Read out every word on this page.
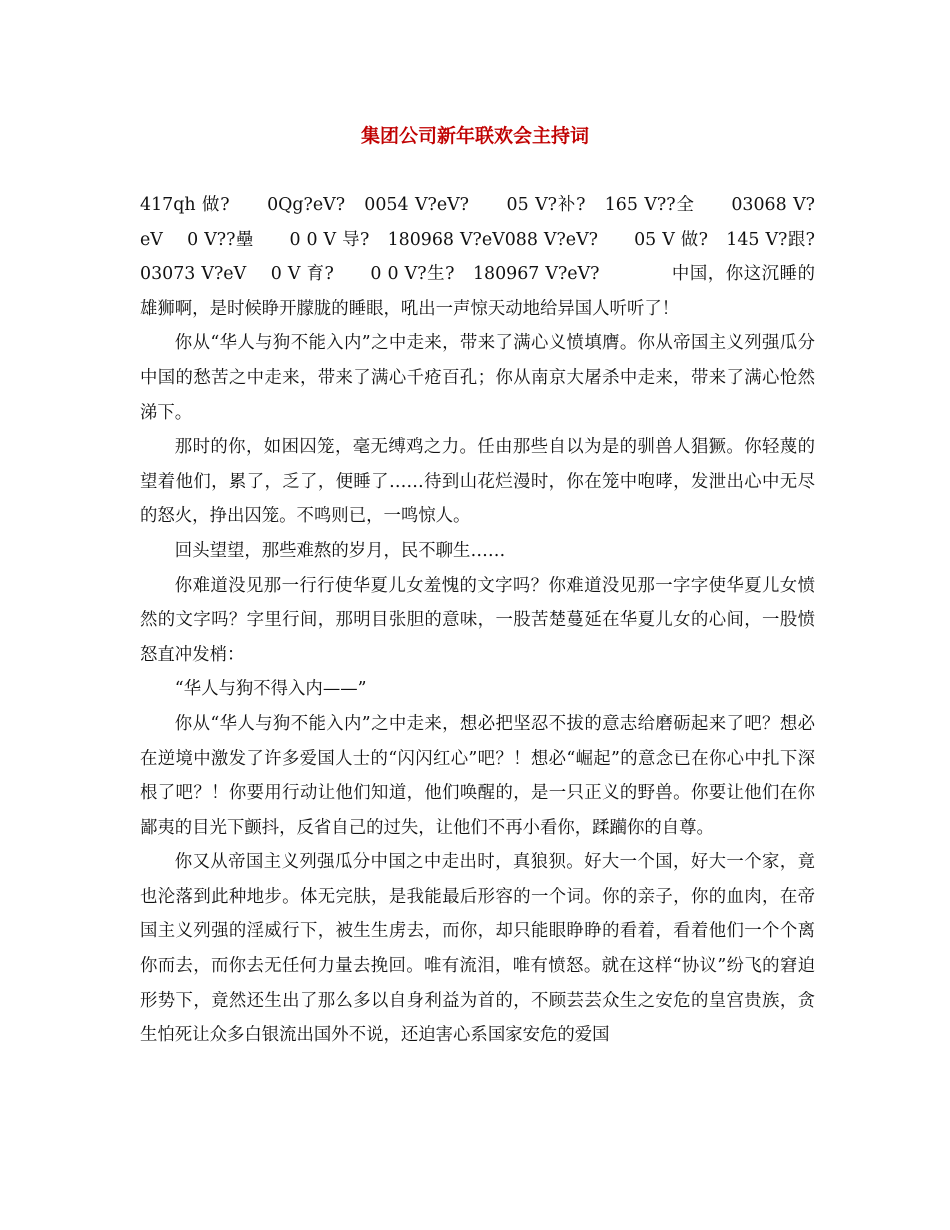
集团公司新年联欢会主持词

417qh 做?　　0Qg?eV?　0054 V?eV?　　05 V?补?　165 V??全　　03068 V?eV　 0 V??壘　　0 0 V 导?　180968 V?eV088 V?eV?　　05 V 做?　145 V?跟?　　03073 V?eV　 0 V 育?　　0 0 V?生?　180967 V?eV?　　　　中国，你这沉睡的雄狮啊，是时候睁开朦胧的睡眼，吼出一声惊天动地给异国人听听了！

你从“华人与狗不能入内”之中走来，带来了满心义愤填膺。你从帝国主义列强瓜分中国的愁苦之中走来，带来了满心千疮百孔；你从南京大屠杀中走来，带来了满心怆然涕下。

那时的你，如困囚笼，毫无缚鸡之力。任由那些自以为是的驯兽人猖獗。你轻蔑的望着他们，累了，乏了，便睡了……待到山花烂漫时，你在笼中咆哮，发泄出心中无尽的怒火，挣出囚笼。不鸣则已，一鸣惊人。

回头望望，那些难熬的岁月，民不聊生……

你难道没见那一行行使华夏儿女羞愧的文字吗？你难道没见那一字字使华夏儿女愤然的文字吗？字里行间，那明目张胆的意味，一股苦楚蔓延在华夏儿女的心间，一股愤怒直冲发梢：

“华人与狗不得入内——”

你从“华人与狗不能入内”之中走来，想必把坚忍不拔的意志给磨砺起来了吧？想必在逆境中激发了许多爱国人士的“闪闪红心”吧？！想必“崛起”的意念已在你心中扎下深根了吧？！你要用行动让他们知道，他们唤醒的，是一只正义的野兽。你要让他们在你鄙夷的目光下颤抖，反省自己的过失，让他们不再小看你，蹂躏你的自尊。

你又从帝国主义列强瓜分中国之中走出时，真狼狈。好大一个国，好大一个家，竟也沦落到此种地步。体无完肤，是我能最后形容的一个词。你的亲子，你的血肉，在帝国主义列强的淫威行下，被生生虏去，而你，却只能眼睁睁的看着，看着他们一个个离你而去，而你去无任何力量去挽回。唯有流泪，唯有愤怒。就在这样“协议”纷飞的窘迫形势下，竟然还生出了那么多以自身利益为首的，不顾芸芸众生之安危的皇宫贵族，贪生怕死让众多白银流出国外不说，还迫害心系国家安危的爱国
